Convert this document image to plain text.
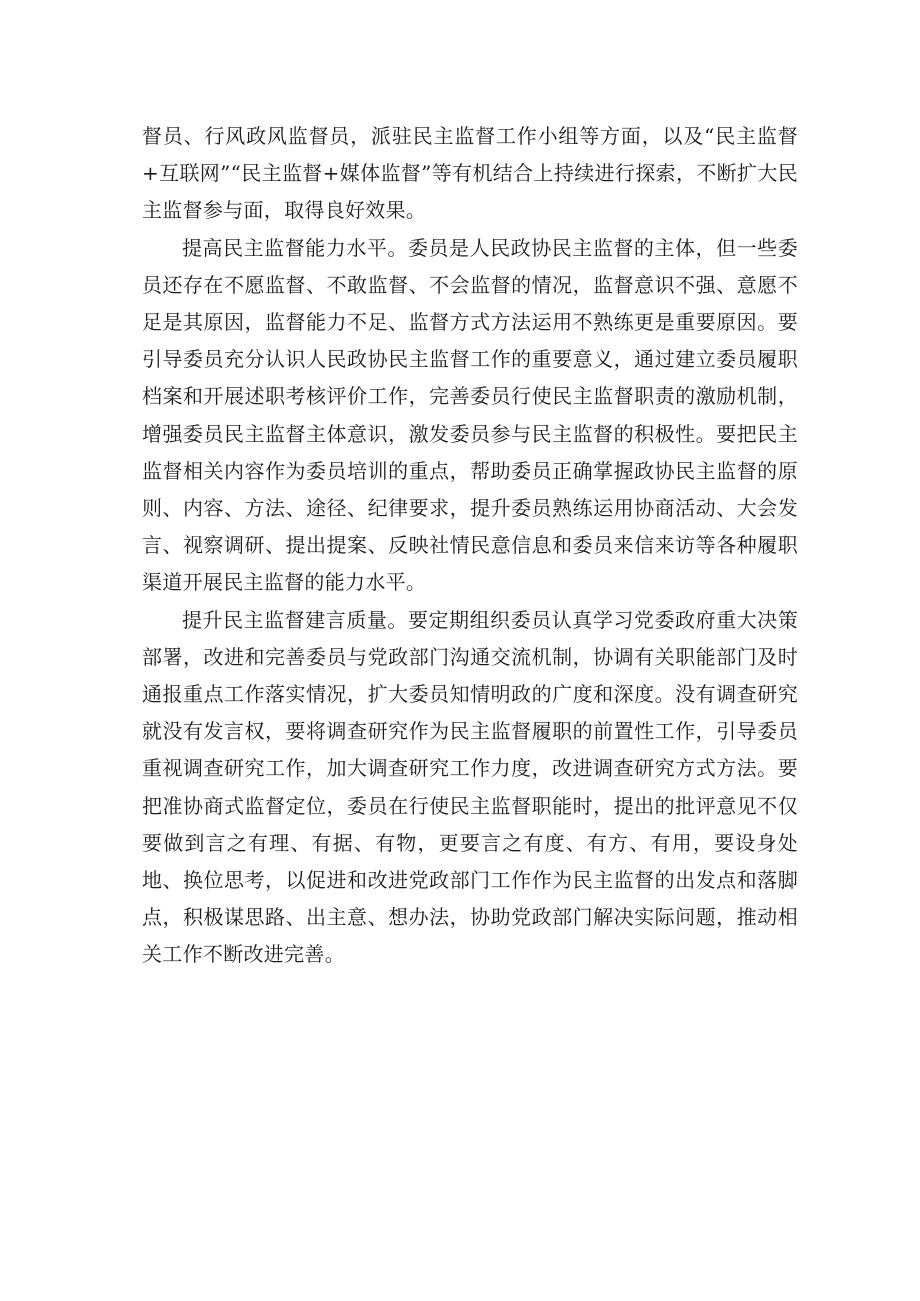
督员、行风政风监督员，派驻民主监督工作小组等方面，以及“民主监督+互联网”“民主监督+媒体监督”等有机结合上持续进行探索，不断扩大民主监督参与面，取得良好效果。

提高民主监督能力水平。委员是人民政协民主监督的主体，但一些委员还存在不愿监督、不敢监督、不会监督的情况，监督意识不强、意愿不足是其原因，监督能力不足、监督方式方法运用不熟练更是重要原因。要引导委员充分认识人民政协民主监督工作的重要意义，通过建立委员履职档案和开展述职考核评价工作，完善委员行使民主监督职责的激励机制，增强委员民主监督主体意识，激发委员参与民主监督的积极性。要把民主监督相关内容作为委员培训的重点，帮助委员正确掌握政协民主监督的原则、内容、方法、途径、纪律要求，提升委员熟练运用协商活动、大会发言、视察调研、提出提案、反映社情民意信息和委员来信来访等各种履职渠道开展民主监督的能力水平。

提升民主监督建言质量。要定期组织委员认真学习党委政府重大决策部署，改进和完善委员与党政部门沟通交流机制，协调有关职能部门及时通报重点工作落实情况，扩大委员知情明政的广度和深度。没有调查研究就没有发言权，要将调查研究作为民主监督履职的前置性工作，引导委员重视调查研究工作，加大调查研究工作力度，改进调查研究方式方法。要把准协商式监督定位，委员在行使民主监督职能时，提出的批评意见不仅要做到言之有理、有据、有物，更要言之有度、有方、有用，要设身处地、换位思考，以促进和改进党政部门工作作为民主监督的出发点和落脚点，积极谋思路、出主意、想办法，协助党政部门解决实际问题，推动相关工作不断改进完善。
